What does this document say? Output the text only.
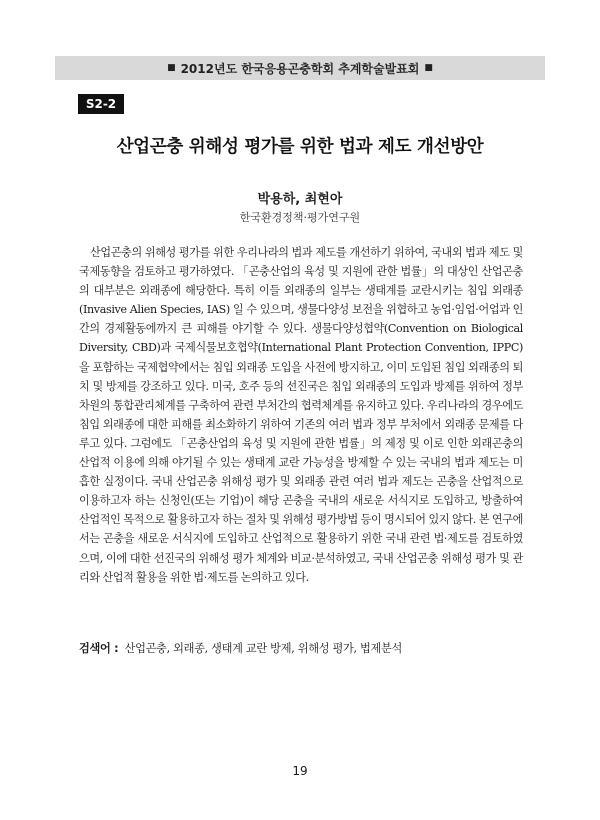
■ 2012년도 한국응용곤충학회 추계학술발표회 ■
S2-2
산업곤충 위해성 평가를 위한 법과 제도 개선방안
박용하, 최현아
한국환경정책·평가연구원

산업곤충의 위해성 평가를 위한 우리나라의 법과 제도를 개선하기 위하여, 국내외 법과 제도 및 국제동향을 검토하고 평가하였다. 「곤충산업의 육성 및 지원에 관한 법률」의 대상인 산업곤충의 대부분은 외래종에 해당한다. 특히 이들 외래종의 일부는 생태계를 교란시키는 침입 외래종(Invasive Alien Species, IAS) 일 수 있으며, 생물다양성 보전을 위협하고 농업·임업·어업과 인간의 경제활동에까지 큰 피해를 야기할 수 있다. 생물다양성협약(Convention on Biological Diversity, CBD)과 국제식물보호협약(International Plant Protection Convention, IPPC)을 포함하는 국제협약에서는 침입 외래종 도입을 사전에 방지하고, 이미 도입된 침입 외래종의 퇴치 및 방제를 강조하고 있다. 미국, 호주 등의 선진국은 침입 외래종의 도입과 방제를 위하여 정부차원의 통합관리체계를 구축하여 관련 부처간의 협력체계를 유지하고 있다. 우리나라의 경우에도 침입 외래종에 대한 피해를 최소화하기 위하여 기존의 여러 법과 정부 부처에서 외래종 문제를 다루고 있다. 그럼에도 「곤충산업의 육성 및 지원에 관한 법률」의 제정 및 이로 인한 외래곤충의 산업적 이용에 의해 야기될 수 있는 생태계 교란 가능성을 방제할 수 있는 국내의 법과 제도는 미흡한 실정이다. 국내 산업곤충 위해성 평가 및 외래종 관련 여러 법과 제도는 곤충을 산업적으로 이용하고자 하는 신청인(또는 기업)이 해당 곤충을 국내의 새로운 서식지로 도입하고, 방출하여 산업적인 목적으로 활용하고자 하는 절차 및 위해성 평가방법 등이 명시되어 있지 않다. 본 연구에서는 곤충을 새로운 서식지에 도입하고 산업적으로 활용하기 위한 국내 관련 법·제도를 검토하였으며, 이에 대한 선진국의 위해성 평가 체계와 비교·분석하였고, 국내 산업곤충 위해성 평가 및 관리와 산업적 활용을 위한 법·제도를 논의하고 있다.

검색어 : 산업곤충, 외래종, 생태계 교란 방제, 위해성 평가, 법제분석
19
